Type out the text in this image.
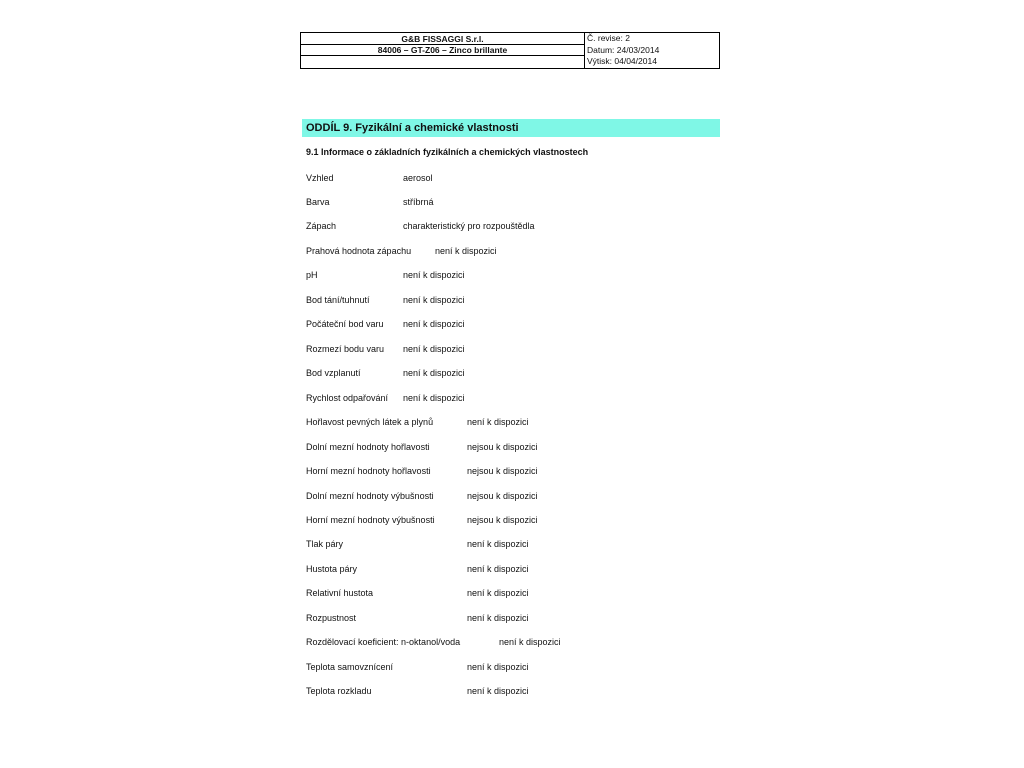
G&B FISSAGGI S.r.l.
84006 – GT-Z06 – Zinco brillante
Č. revise: 2
Datum: 24/03/2014
Výtisk: 04/04/2014
ODDÍL 9. Fyzikální a chemické vlastnosti
9.1 Informace o základních fyzikálních a chemických vlastnostech
Vzhled	aerosol
Barva	stříbrná
Zápach	charakteristický pro rozpouštědla
Prahová hodnota zápachu	není k dispozici
pH	není k dispozici
Bod tání/tuhnutí	není k dispozici
Počáteční bod varu není k dispozici
Rozmezí bodu varu není k dispozici
Bod vzplanutí	není k dispozici
Rychlost odpařování není k dispozici
Hořlavost pevných látek a plynů	není k dispozici
Dolní mezní hodnoty hořlavosti	nejsou k dispozici
Horní mezní hodnoty hořlavosti	nejsou k dispozici
Dolní mezní hodnoty výbušnosti	nejsou k dispozici
Horní mezní hodnoty výbušnosti	nejsou k dispozici
Tlak páry	není k dispozici
Hustota páry	není k dispozici
Relativní hustota	není k dispozici
Rozpustnost	není k dispozici
Rozdělovací koeficient: n-oktanol/voda	není k dispozici
Teplota samovznícení	není k dispozici
Teplota rozkladu	není k dispozici
